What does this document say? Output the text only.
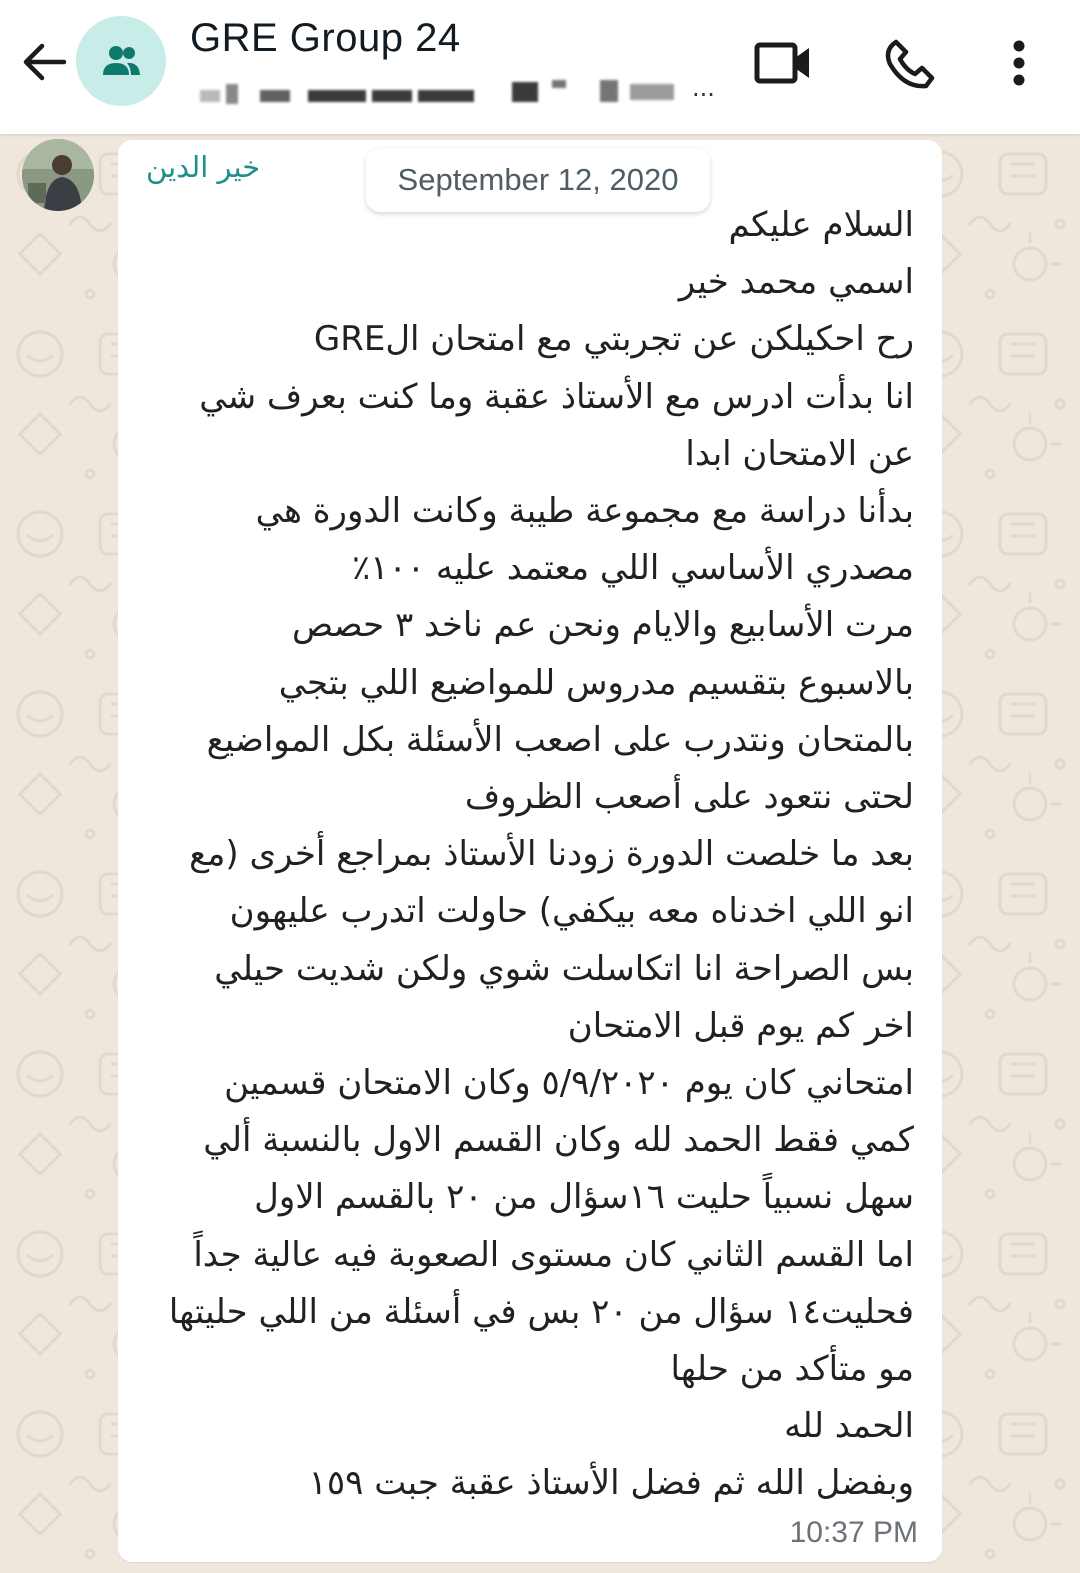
GRE Group 24
...
خير الدين	September 12, 2020
السلام عليكم
اسمي محمد خير
رح احكيلكن عن تجربتي مع امتحان الGRE
انا بدأت ادرس مع الأستاذ عقبة وما كنت بعرف شي
عن الامتحان ابدا
بدأنا دراسة مع مجموعة طيبة وكانت الدورة هي
مصدري الأساسي اللي معتمد عليه ١٠٠٪
مرت الأسابيع والايام ونحن عم ناخد ٣ حصص
بالاسبوع بتقسيم مدروس للمواضيع اللي بتجي
بالمتحان ونتدرب على اصعب الأسئلة بكل المواضيع
لحتى نتعود على أصعب الظروف
بعد ما خلصت الدورة زودنا الأستاذ بمراجع أخرى (مع
انو اللي اخدناه معه بيكفي) حاولت اتدرب عليهون
بس الصراحة انا اتكاسلت شوي ولكن شديت حيلي
اخر كم يوم قبل الامتحان
امتحاني كان يوم ٥/٩/٢٠٢٠ وكان الامتحان قسمين
كمي فقط الحمد لله وكان القسم الاول بالنسبة ألي
سهل نسبياً حليت ١٦سؤال من ٢٠ بالقسم الاول
اما القسم الثاني كان مستوى الصعوبة فيه عالية جداً
فحليت١٤ سؤال من ٢٠ بس في أسئلة من اللي حليتها
مو متأكد من حلها
الحمد لله
وبفضل الله ثم فضل الأستاذ عقبة جبت ١٥٩
10:37 PM
